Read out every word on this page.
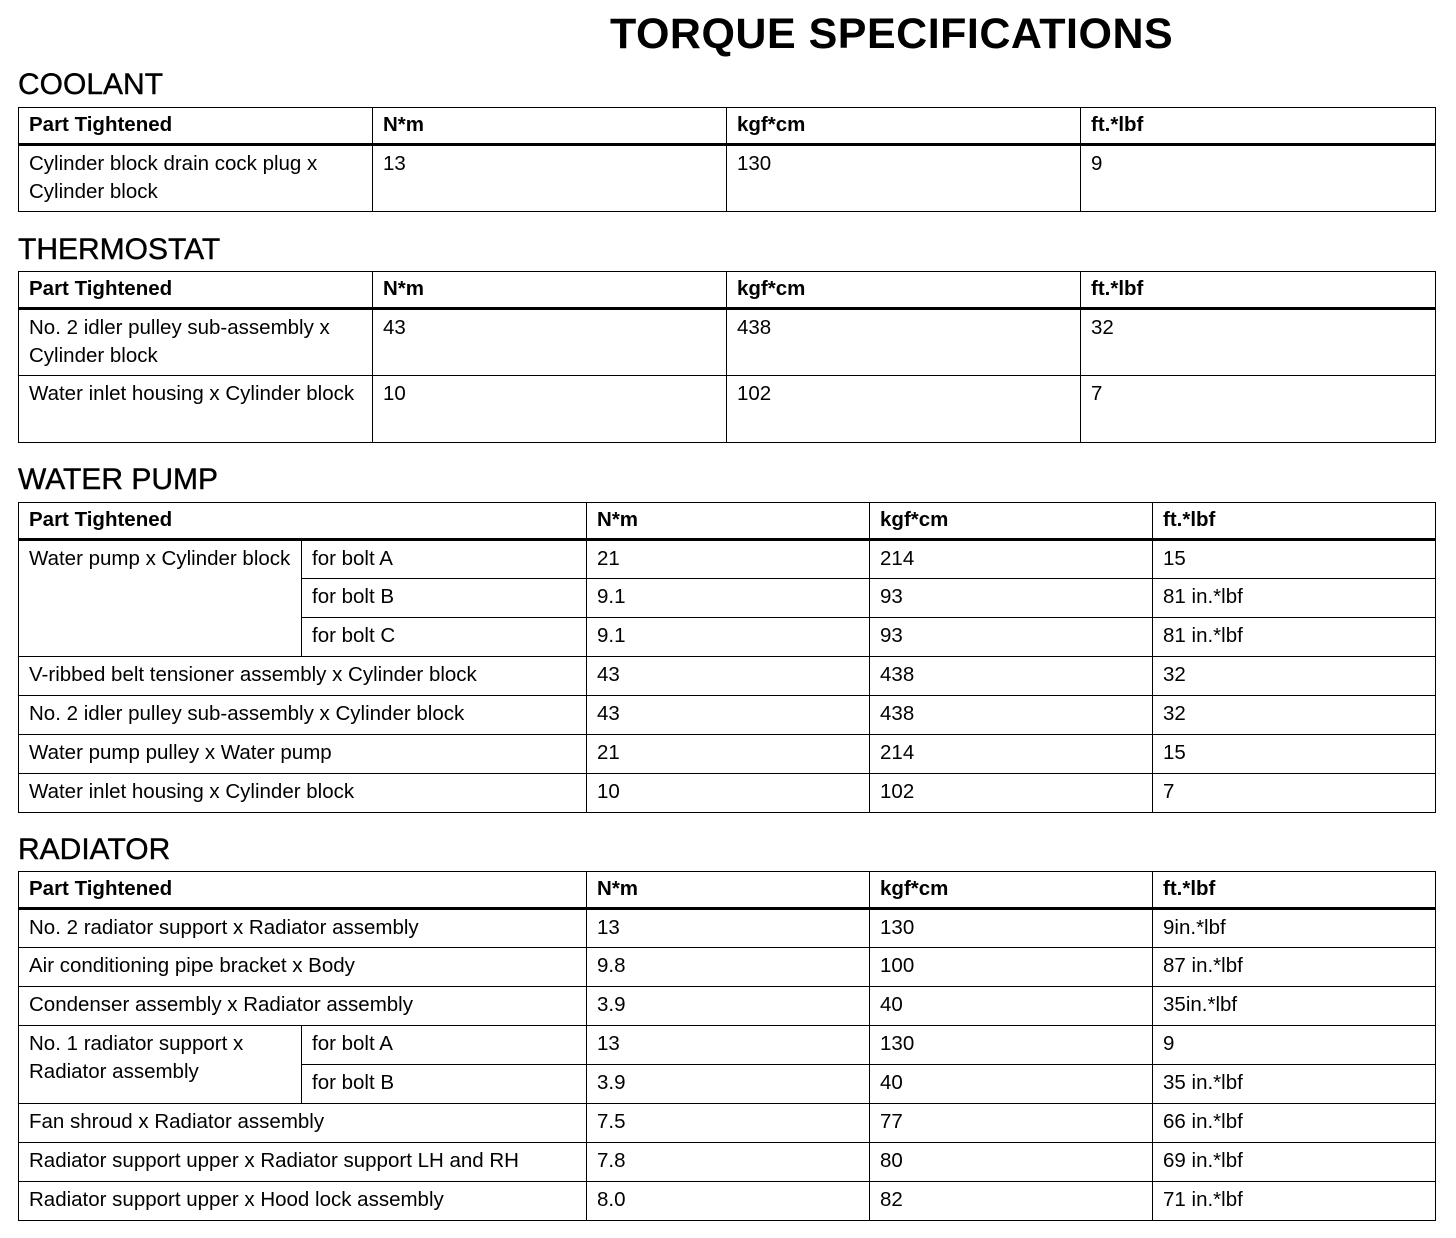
TORQUE SPECIFICATIONS
COOLANT
Part Tightened	N*m	kgf*cm	ft.*lbf
Cylinder block drain cock plug x Cylinder block	13	130	9
THERMOSTAT
Part Tightened	N*m	kgf*cm	ft.*lbf
No. 2 idler pulley sub-assembly x Cylinder block	43	438	32
Water inlet housing x Cylinder block	10	102	7
WATER PUMP
Part Tightened		N*m	kgf*cm	ft.*lbf
Water pump x Cylinder block	for bolt A	21	214	15
	for bolt B	9.1	93	81 in.*lbf
	for bolt C	9.1	93	81 in.*lbf
V-ribbed belt tensioner assembly x Cylinder block		43	438	32
No. 2 idler pulley sub-assembly x Cylinder block		43	438	32
Water pump pulley x Water pump		21	214	15
Water inlet housing x Cylinder block		10	102	7
RADIATOR
Part Tightened		N*m	kgf*cm	ft.*lbf
No. 2 radiator support x Radiator assembly		13	130	9in.*lbf
Air conditioning pipe bracket x Body		9.8	100	87 in.*lbf
Condenser assembly x Radiator assembly		3.9	40	35in.*lbf
No. 1 radiator support x Radiator assembly	for bolt A	13	130	9
	for bolt B	3.9	40	35 in.*lbf
Fan shroud x Radiator assembly		7.5	77	66 in.*lbf
Radiator support upper x Radiator support LH and RH		7.8	80	69 in.*lbf
Radiator support upper x Hood lock assembly		8.0	82	71 in.*lbf
